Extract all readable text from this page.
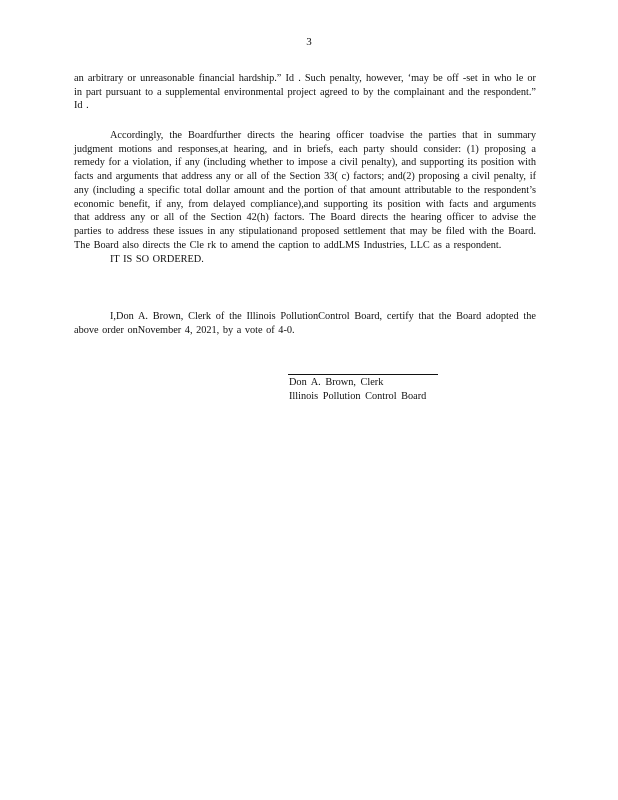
3

an arbitrary or unreasonable financial hardship.” Id . Such penalty, however, ‘may be off -set in who le or in part pursuant to a supplemental environmental project agreed to by the complainant and the respondent.” Id .

Accordingly, the Boardfurther directs the hearing officer toadvise the parties that in summary judgment motions and responses,at hearing, and in briefs, each party should consider: (1) proposing a remedy for a violation, if any (including whether to impose a civil penalty), and supporting its position with facts and arguments that address any or all of the Section 33( c) factors; and(2) proposing a civil penalty, if any (including a specific total dollar amount and the portion of that amount attributable to the respondent’s economic benefit, if any, from delayed compliance),and supporting its position with facts and arguments that address any or all of the Section 42(h) factors. The Board directs the hearing officer to advise the parties to address these issues in any stipulationand proposed settlement that may be filed with the Board. The Board also directs the Cle rk to amend the caption to addLMS Industries, LLC as a respondent.

IT IS SO ORDERED.

I,Don A. Brown, Clerk of the Illinois PollutionControl Board, certify that the Board adopted the above order onNovember 4, 2021, by a vote of 4-0.

Don A. Brown, Clerk
Illinois Pollution Control Board
